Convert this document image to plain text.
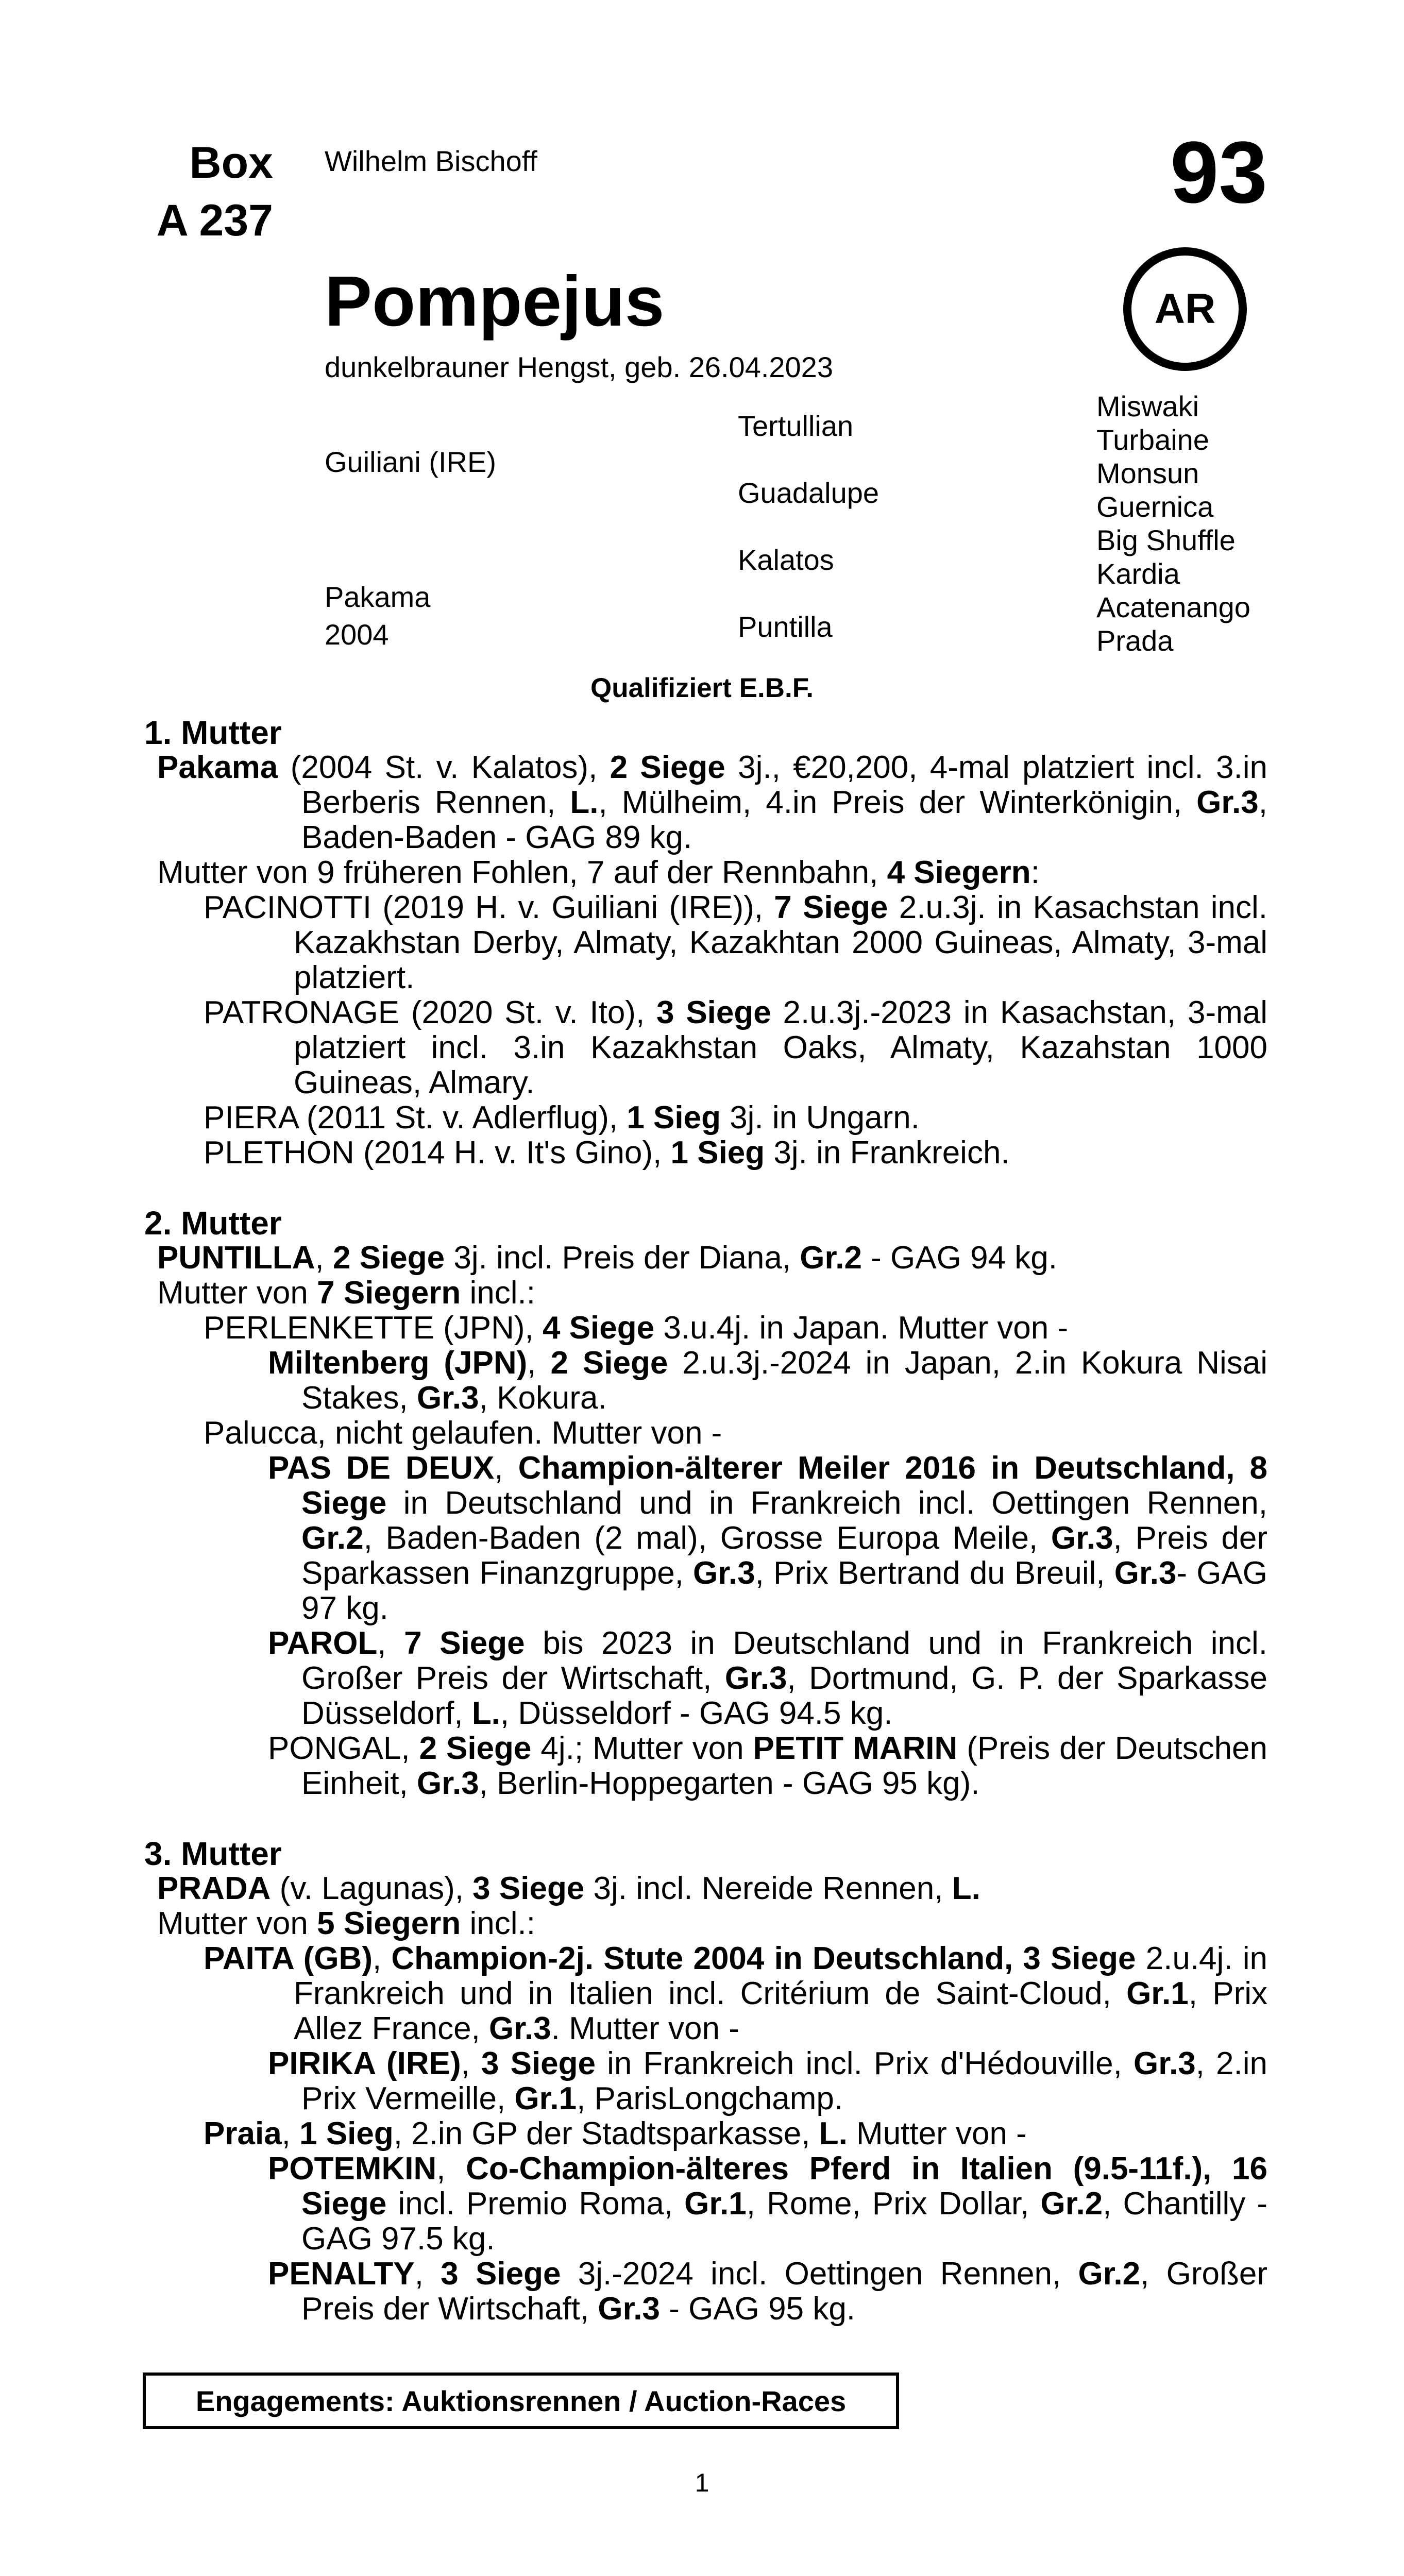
Box
A 237
Wilhelm Bischoff	93
AR
Pompejus
dunkelbrauner Hengst, geb. 26.04.2023
Guiliani (IRE)
Pakama
2004
Tertullian
Guadalupe
Kalatos
Puntilla
Miswaki
Turbaine
Monsun
Guernica
Big Shuffle
Kardia
Acatenango
Prada
Qualifiziert E.B.F.

1. Mutter

Pakama (2004 St. v. Kalatos), 2 Siege 3j., €20,200, 4-mal platziert incl. 3.in Berberis Rennen, L., Mülheim, 4.in Preis der Winterkönigin, Gr.3, Baden-Baden - GAG 89 kg.

Mutter von 9 früheren Fohlen, 7 auf der Rennbahn, 4 Siegern:

PACINOTTI (2019 H. v. Guiliani (IRE)), 7 Siege 2.u.3j. in Kasachstan incl. Kazakhstan Derby, Almaty, Kazakhtan 2000 Guineas, Almaty, 3-mal platziert.

PATRONAGE (2020 St. v. Ito), 3 Siege 2.u.3j.-2023 in Kasachstan, 3-mal platziert incl. 3.in Kazakhstan Oaks, Almaty, Kazahstan 1000 Guineas, Almary.

PIERA (2011 St. v. Adlerflug), 1 Sieg 3j. in Ungarn.

PLETHON (2014 H. v. It's Gino), 1 Sieg 3j. in Frankreich.

2. Mutter

PUNTILLA, 2 Siege 3j. incl. Preis der Diana, Gr.2 - GAG 94 kg.

Mutter von 7 Siegern incl.:

PERLENKETTE (JPN), 4 Siege 3.u.4j. in Japan. Mutter von -

Miltenberg (JPN), 2 Siege 2.u.3j.-2024 in Japan, 2.in Kokura Nisai Stakes, Gr.3, Kokura.

Palucca, nicht gelaufen. Mutter von -

PAS DE DEUX, Champion-älterer Meiler 2016 in Deutschland, 8 Siege in Deutschland und in Frankreich incl. Oettingen Rennen, Gr.2, Baden-Baden (2 mal), Grosse Europa Meile, Gr.3, Preis der Sparkassen Finanzgruppe, Gr.3, Prix Bertrand du Breuil, Gr.3- GAG 97 kg.

PAROL, 7 Siege bis 2023 in Deutschland und in Frankreich incl. Großer Preis der Wirtschaft, Gr.3, Dortmund, G. P. der Sparkasse Düsseldorf, L., Düsseldorf - GAG 94.5 kg.

PONGAL, 2 Siege 4j.; Mutter von PETIT MARIN (Preis der Deutschen Einheit, Gr.3, Berlin-Hoppegarten - GAG 95 kg).

3. Mutter

PRADA (v. Lagunas), 3 Siege 3j. incl. Nereide Rennen, L.

Mutter von 5 Siegern incl.:

PAITA (GB), Champion-2j. Stute 2004 in Deutschland, 3 Siege 2.u.4j. in Frankreich und in Italien incl. Critérium de Saint-Cloud, Gr.1, Prix Allez France, Gr.3. Mutter von -

PIRIKA (IRE), 3 Siege in Frankreich incl. Prix d'Hédouville, Gr.3, 2.in Prix Vermeille, Gr.1, ParisLongchamp.

Praia, 1 Sieg, 2.in GP der Stadtsparkasse, L. Mutter von -

POTEMKIN, Co-Champion-älteres Pferd in Italien (9.5-11f.), 16 Siege incl. Premio Roma, Gr.1, Rome, Prix Dollar, Gr.2, Chantilly - GAG 97.5 kg.

PENALTY, 3 Siege 3j.-2024 incl. Oettingen Rennen, Gr.2, Großer Preis der Wirtschaft, Gr.3 - GAG 95 kg.

Engagements: Auktionsrennen / Auction-Races
1
